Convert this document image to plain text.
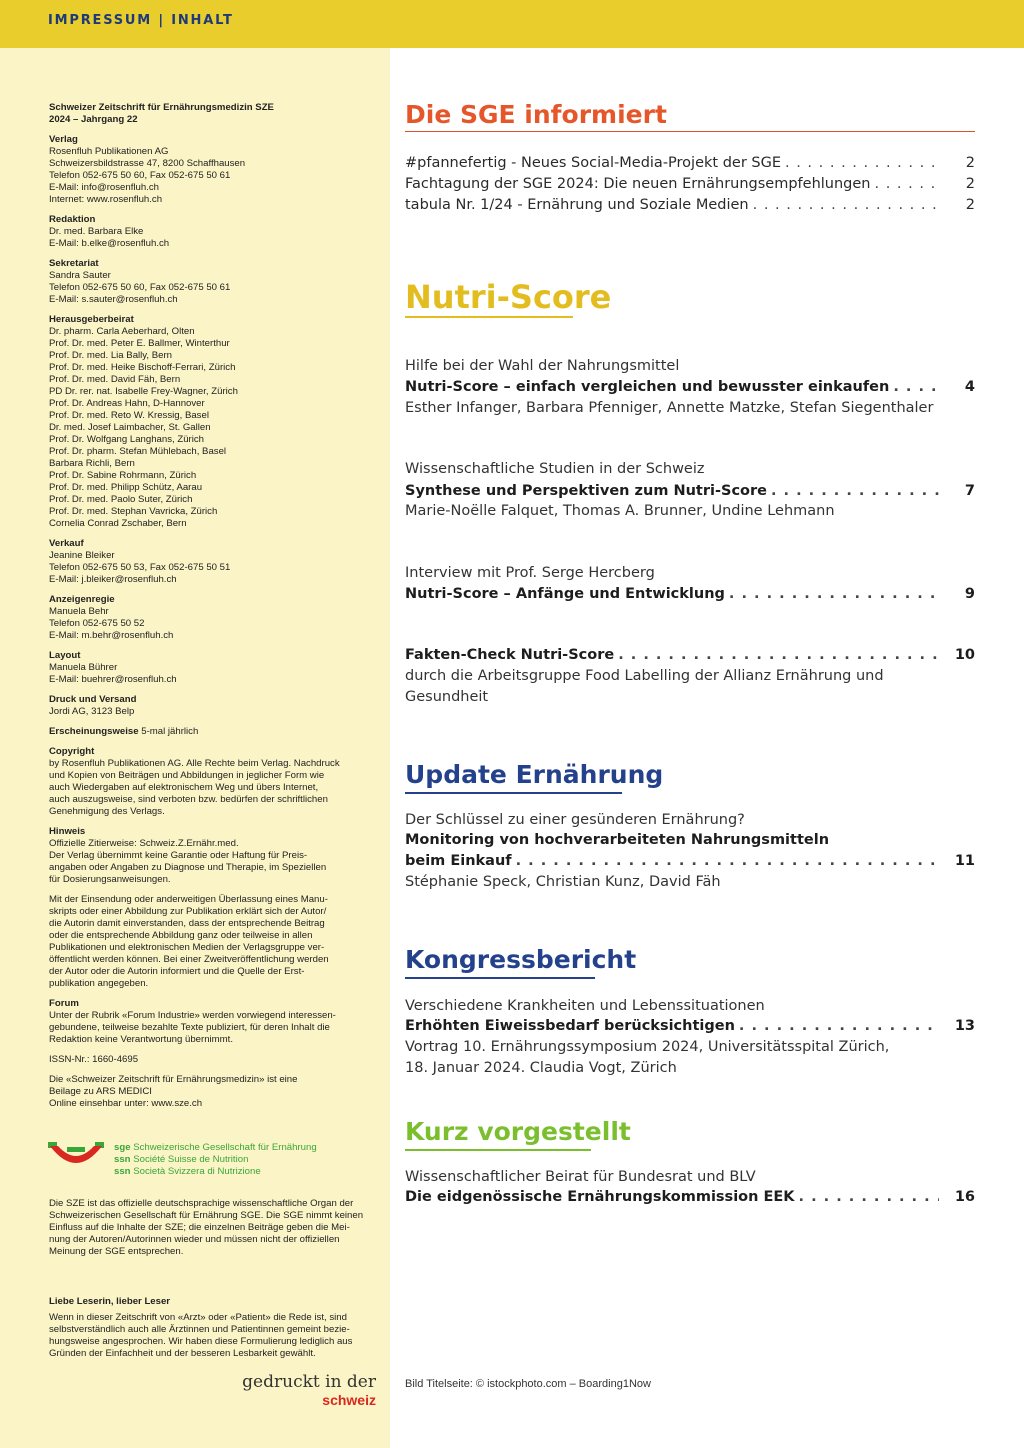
IMPRESSUM | INHALT
Schweizer Zeitschrift für Ernährungsmedizin SZE
2024 – Jahrgang 22
Verlag
Rosenfluh Publikationen AG
Schweizersbildstrasse 47, 8200 Schaffhausen
Telefon 052-675 50 60, Fax 052-675 50 61
E-Mail: info@rosenfluh.ch
Internet: www.rosenfluh.ch
Redaktion
Dr. med. Barbara Elke
E-Mail: b.elke@rosenfluh.ch
Sekretariat
Sandra Sauter
Telefon 052-675 50 60, Fax 052-675 50 61
E-Mail: s.sauter@rosenfluh.ch
Herausgeberbeirat
Dr. pharm. Carla Aeberhard, Olten
Prof. Dr. med. Peter E. Ballmer, Winterthur
Prof. Dr. med. Lia Bally, Bern
Prof. Dr. med. Heike Bischoff-Ferrari, Zürich
Prof. Dr. med. David Fäh, Bern
PD Dr. rer. nat. Isabelle Frey-Wagner, Zürich
Prof. Dr. Andreas Hahn, D-Hannover
Prof. Dr. med. Reto W. Kressig, Basel
Dr. med. Josef Laimbacher, St. Gallen
Prof. Dr. Wolfgang Langhans, Zürich
Prof. Dr. pharm. Stefan Mühlebach, Basel
Barbara Richli, Bern
Prof. Dr. Sabine Rohrmann, Zürich
Prof. Dr. med. Philipp Schütz, Aarau
Prof. Dr. med. Paolo Suter, Zürich
Prof. Dr. med. Stephan Vavricka, Zürich
Cornelia Conrad Zschaber, Bern
Verkauf
Jeanine Bleiker
Telefon 052-675 50 53, Fax 052-675 50 51
E-Mail: j.bleiker@rosenfluh.ch
Anzeigenregie
Manuela Behr
Telefon 052-675 50 52
E-Mail: m.behr@rosenfluh.ch
Layout
Manuela Bührer
E-Mail: buehrer@rosenfluh.ch
Druck und Versand
Jordi AG, 3123 Belp
Erscheinungsweise 5-mal jährlich
Copyright
by Rosenfluh Publikationen AG. Alle Rechte beim Verlag. Nachdruck
und Kopien von Beiträgen und Abbildungen in jeglicher Form wie
auch Wiedergaben auf elektronischem Weg und übers Internet,
auch auszugsweise, sind verboten bzw. bedürfen der schriftlichen
Genehmigung des Verlags.
Hinweis
Offizielle Zitierweise: Schweiz.Z.Ernähr.med.
Der Verlag übernimmt keine Garantie oder Haftung für Preis-
angaben oder Angaben zu Diagnose und Therapie, im Speziellen
für Dosierungsanweisungen.
Mit der Einsendung oder anderweitigen Überlassung eines Manu-
skripts oder einer Abbildung zur Publikation erklärt sich der Autor/
die Autorin damit einverstanden, dass der entsprechende Beitrag
oder die entsprechende Abbildung ganz oder teilweise in allen
Publikationen und elektronischen Medien der Verlagsgruppe ver-
öffentlicht werden können. Bei einer Zweitveröffentlichung werden
der Autor oder die Autorin informiert und die Quelle der Erst-
publikation angegeben.
Forum
Unter der Rubrik «Forum Industrie» werden vorwiegend interessen-
gebundene, teilweise bezahlte Texte publiziert, für deren Inhalt die
Redaktion keine Verantwortung übernimmt.
ISSN-Nr.: 1660-4695
Die «Schweizer Zeitschrift für Ernährungsmedizin» ist eine
Beilage zu ARS MEDICI
Online einsehbar unter: www.sze.ch
sge Schweizerische Gesellschaft für Ernährung
ssn Société Suisse de Nutrition
ssn Società Svizzera di Nutrizione
Die SZE ist das offizielle deutschsprachige wissenschaftliche Organ der
Schweizerischen Gesellschaft für Ernährung SGE. Die SGE nimmt keinen
Einfluss auf die Inhalte der SZE; die einzelnen Beiträge geben die Mei-
nung der Autoren/Autorinnen wieder und müssen nicht der offiziellen
Meinung der SGE entsprechen.
Liebe Leserin, lieber Leser
Wenn in dieser Zeitschrift von «Arzt» oder «Patient» die Rede ist, sind
selbstverständlich auch alle Ärztinnen und Patientinnen gemeint bezie-
hungsweise angesprochen. Wir haben diese Formulierung lediglich aus
Gründen der Einfachheit und der besseren Lesbarkeit gewählt.
gedruckt in der
schweiz
Die SGE informiert
#pfannefertig - Neues Social-Media-Projekt der SGE . . .	2
Fachtagung der SGE 2024: Die neuen Ernährungsempfehlungen . . .	2
tabula Nr. 1/24 - Ernährung und Soziale Medien . . .	2
Nutri-Score
Hilfe bei der Wahl der Nahrungsmittel
Nutri-Score – einfach vergleichen und bewusster einkaufen . . .	4
Esther Infanger, Barbara Pfenniger, Annette Matzke, Stefan Siegenthaler
Wissenschaftliche Studien in der Schweiz
Synthese und Perspektiven zum Nutri-Score . . .	7
Marie-Noëlle Falquet, Thomas A. Brunner, Undine Lehmann
Interview mit Prof. Serge Hercberg
Nutri-Score – Anfänge und Entwicklung . . .	9
Fakten-Check Nutri-Score . . .	10
durch die Arbeitsgruppe Food Labelling der Allianz Ernährung und
Gesundheit
Update Ernährung
Der Schlüssel zu einer gesünderen Ernährung?
Monitoring von hochverarbeiteten Nahrungsmitteln
beim Einkauf . . .	11
Stéphanie Speck, Christian Kunz, David Fäh
Kongressbericht
Verschiedene Krankheiten und Lebenssituationen
Erhöhten Eiweissbedarf berücksichtigen . . .	13
Vortrag 10. Ernährungssymposium 2024, Universitätsspital Zürich,
18. Januar 2024. Claudia Vogt, Zürich
Kurz vorgestellt
Wissenschaftlicher Beirat für Bundesrat und BLV
Die eidgenössische Ernährungskommission EEK . . .	16
Bild Titelseite: © istockphoto.com – Boarding1Now
